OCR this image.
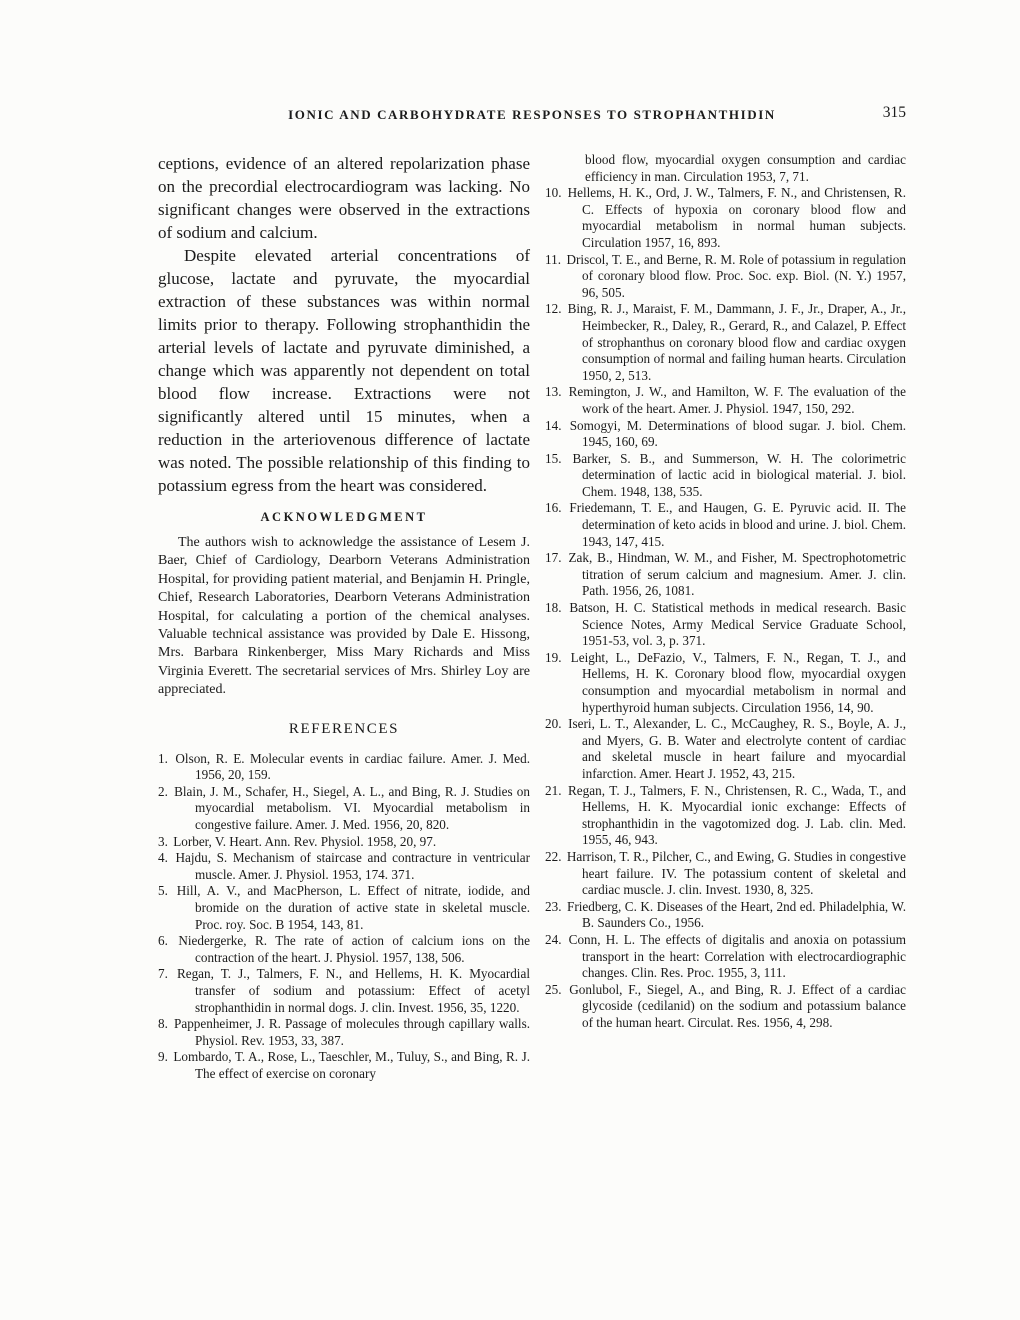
IONIC AND CARBOHYDRATE RESPONSES TO STROPHANTHIDIN	315

ceptions, evidence of an altered repolarization phase on the precordial electrocardiogram was lacking. No significant changes were observed in the extractions of sodium and calcium.

Despite elevated arterial concentrations of glucose, lactate and pyruvate, the myocardial extraction of these substances was within normal limits prior to therapy. Following strophanthidin the arterial levels of lactate and pyruvate diminished, a change which was apparently not dependent on total blood flow increase. Extractions were not significantly altered until 15 minutes, when a reduction in the arteriovenous difference of lactate was noted. The possible relationship of this finding to potassium egress from the heart was considered.

ACKNOWLEDGMENT

The authors wish to acknowledge the assistance of Lesem J. Baer, Chief of Cardiology, Dearborn Veterans Administration Hospital, for providing patient material, and Benjamin H. Pringle, Chief, Research Laboratories, Dearborn Veterans Administration Hospital, for calculating a portion of the chemical analyses. Valuable technical assistance was provided by Dale E. Hissong, Mrs. Barbara Rinkenberger, Miss Mary Richards and Miss Virginia Everett. The secretarial services of Mrs. Shirley Loy are appreciated.

REFERENCES
1. Olson, R. E. Molecular events in cardiac failure. Amer. J. Med. 1956, 20, 159.
2. Blain, J. M., Schafer, H., Siegel, A. L., and Bing, R. J. Studies on myocardial metabolism. VI. Myocardial metabolism in congestive failure. Amer. J. Med. 1956, 20, 820.
3. Lorber, V. Heart. Ann. Rev. Physiol. 1958, 20, 97.
4. Hajdu, S. Mechanism of staircase and contracture in ventricular muscle. Amer. J. Physiol. 1953, 174. 371.
5. Hill, A. V., and MacPherson, L. Effect of nitrate, iodide, and bromide on the duration of active state in skeletal muscle. Proc. roy. Soc. B 1954, 143, 81.
6. Niedergerke, R. The rate of action of calcium ions on the contraction of the heart. J. Physiol. 1957, 138, 506.
7. Regan, T. J., Talmers, F. N., and Hellems, H. K. Myocardial transfer of sodium and potassium: Effect of acetyl strophanthidin in normal dogs. J. clin. Invest. 1956, 35, 1220.
8. Pappenheimer, J. R. Passage of molecules through capillary walls. Physiol. Rev. 1953, 33, 387.
9. Lombardo, T. A., Rose, L., Taeschler, M., Tuluy, S., and Bing, R. J. The effect of exercise on coronary
blood flow, myocardial oxygen consumption and cardiac efficiency in man. Circulation 1953, 7, 71.
10. Hellems, H. K., Ord, J. W., Talmers, F. N., and Christensen, R. C. Effects of hypoxia on coronary blood flow and myocardial metabolism in normal human subjects. Circulation 1957, 16, 893.
11. Driscol, T. E., and Berne, R. M. Role of potassium in regulation of coronary blood flow. Proc. Soc. exp. Biol. (N. Y.) 1957, 96, 505.
12. Bing, R. J., Maraist, F. M., Dammann, J. F., Jr., Draper, A., Jr., Heimbecker, R., Daley, R., Gerard, R., and Calazel, P. Effect of strophanthus on coronary blood flow and cardiac oxygen consumption of normal and failing human hearts. Circulation 1950, 2, 513.
13. Remington, J. W., and Hamilton, W. F. The evaluation of the work of the heart. Amer. J. Physiol. 1947, 150, 292.
14. Somogyi, M. Determinations of blood sugar. J. biol. Chem. 1945, 160, 69.
15. Barker, S. B., and Summerson, W. H. The colorimetric determination of lactic acid in biological material. J. biol. Chem. 1948, 138, 535.
16. Friedemann, T. E., and Haugen, G. E. Pyruvic acid. II. The determination of keto acids in blood and urine. J. biol. Chem. 1943, 147, 415.
17. Zak, B., Hindman, W. M., and Fisher, M. Spectrophotometric titration of serum calcium and magnesium. Amer. J. clin. Path. 1956, 26, 1081.
18. Batson, H. C. Statistical methods in medical research. Basic Science Notes, Army Medical Service Graduate School, 1951-53, vol. 3, p. 371.
19. Leight, L., DeFazio, V., Talmers, F. N., Regan, T. J., and Hellems, H. K. Coronary blood flow, myocardial oxygen consumption and myocardial metabolism in normal and hyperthyroid human subjects. Circulation 1956, 14, 90.
20. Iseri, L. T., Alexander, L. C., McCaughey, R. S., Boyle, A. J., and Myers, G. B. Water and electrolyte content of cardiac and skeletal muscle in heart failure and myocardial infarction. Amer. Heart J. 1952, 43, 215.
21. Regan, T. J., Talmers, F. N., Christensen, R. C., Wada, T., and Hellems, H. K. Myocardial ionic exchange: Effects of strophanthidin in the vagotomized dog. J. Lab. clin. Med. 1955, 46, 943.
22. Harrison, T. R., Pilcher, C., and Ewing, G. Studies in congestive heart failure. IV. The potassium content of skeletal and cardiac muscle. J. clin. Invest. 1930, 8, 325.
23. Friedberg, C. K. Diseases of the Heart, 2nd ed. Philadelphia, W. B. Saunders Co., 1956.
24. Conn, H. L. The effects of digitalis and anoxia on potassium transport in the heart: Correlation with electrocardiographic changes. Clin. Res. Proc. 1955, 3, 111.
25. Gonlubol, F., Siegel, A., and Bing, R. J. Effect of a cardiac glycoside (cedilanid) on the sodium and potassium balance of the human heart. Circulat. Res. 1956, 4, 298.
